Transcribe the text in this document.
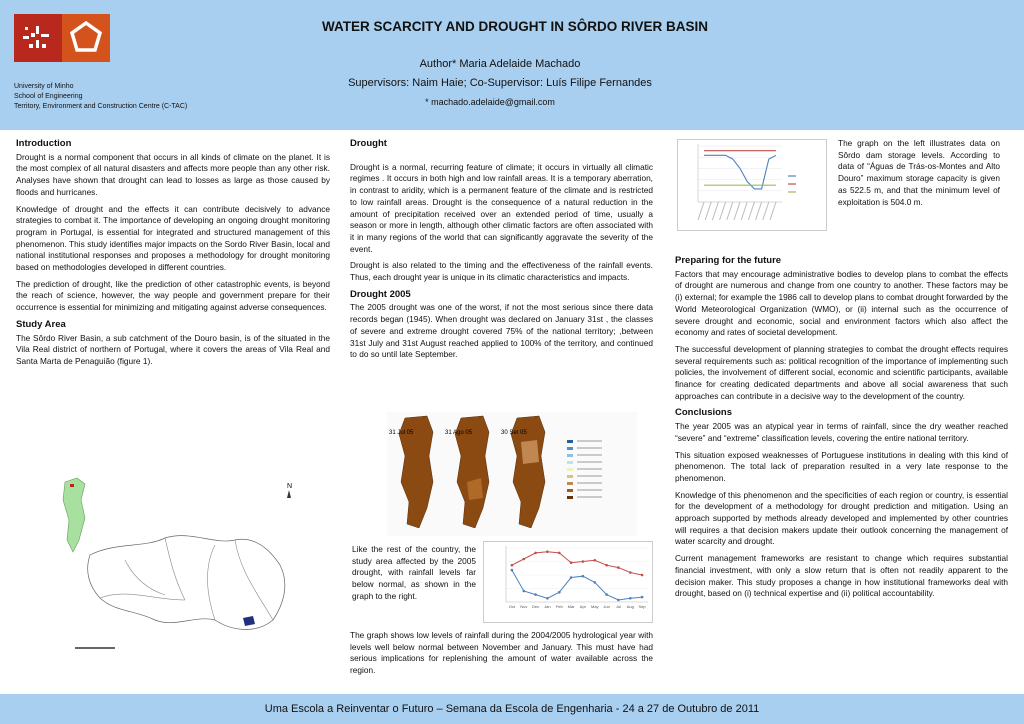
University of Minho
School of Engineering
Territory, Environment and Construction Centre (C-TAC)
WATER SCARCITY AND DROUGHT IN SÔRDO RIVER BASIN
Author* Maria Adelaide Machado
Supervisors: Naim Haie; Co-Supervisor: Luís Filipe Fernandes
* machado.adelaide@gmail.com
Introduction

Drought is a normal component that occurs in all kinds of climate on the planet. It is the most complex of all natural disasters and affects more people than any other risk. Analyses have shown that drought can lead to losses as large as those caused by floods and hurricanes.

Knowledge of drought and the effects it can contribute decisively to advance strategies to combat it. The importance of developing an ongoing drought monitoring program in Portugal, is essential for integrated and structured management of this phenomenon. This study identifies major impacts on the Sordo River Basin, local and national institutional responses and proposes a methodology for drought monitoring based on methodologies developed in different countries.

The prediction of drought, like the prediction of other catastrophic events, is beyond the reach of science, however, the way people and government prepare for their occurrence is essential for minimizing and mitigating against adverse consequences.

Study Area

The Sôrdo River Basin, a sub catchment of the Douro basin, is of the situated in the Vila Real district of northern of Portugal, where it covers the areas of Vila Real and Santa Marta de Penaguião (figure 1).

N
Drought

Drought is a normal, recurring feature of climate; it occurs in virtually all climatic regimes . It occurs in both high and low rainfall areas. It is a temporary aberration, in contrast to aridity, which is a permanent feature of the climate and is restricted to low rainfall areas. Drought is the consequence of a natural reduction in the amount of precipitation received over an extended period of time, usually a season or more in length, although other climatic factors are often associated with it in many regions of the world that can significantly aggravate the severity of the event.

Drought is also related to the timing and the effectiveness of the rainfall events. Thus, each drought year is unique in its climatic characteristics and impacts.

Drought 2005

The 2005 drought was one of the worst, if not the most serious since there data records began (1945). When drought was declared on January 31st , the classes of severe and extreme drought covered 75% of the national territory; ,between 31st July and 31st August reached applied to 100% of the territory, and continued to do so until late September.

31 Jul 05	31 Ago 05	30 Set 05
Like the rest of the country, the study area affected by the 2005 drought, with rainfall levels far below normal, as shown in the graph to the right.
Oct Nov Dec Jan Feb Mar Apr May Jun Jul Aug Sep
The graph shows low levels of rainfall during the 2004/2005 hydrological year with levels well below normal between November and January. This must have had serious implications for replenishing the amount of water available across the region.

The graph on the left illustrates data on Sôrdo dam storage levels. According to data of “Águas de Trás-os-Montes and Alto Douro” maximum storage capacity is given as 522.5 m, and that the minimum level of exploitation is 504.0 m.

Preparing for the future

Factors that may encourage administrative bodies to develop plans to combat the effects of drought are numerous and change from one country to another. These factors may be (i) external; for example the 1986 call to develop plans to combat drought forwarded by the World Meteorological Organization (WMO), or (ii) internal such as the occurrence of severe drought and economic, social and environment factors which also affect the economy and rates of societal development.

The successful development of planning strategies to combat the drought effects requires several requirements such as: political recognition of the importance of implementing such policies, the involvement of different social, economic and scientific participants, available finance for creating dedicated departments and above all social awareness that such approaches can contribute in a decisive way to the development of the country.

Conclusions

The year 2005 was an atypical year in terms of rainfall, since the dry weather reached “severe” and “extreme” classification levels, covering the entire national territory.

This situation exposed weaknesses of Portuguese institutions in dealing with this kind of phenomenon. The total lack of preparation resulted in a very late response to the phenomenon.

Knowledge of this phenomenon and the specificities of each region or country, is essential for the development of a methodology for drought prediction and mitigation. Using an approach supported by methods already developed and implemented by other countries will requires a that decision makers update their outlook concerning the management of water scarcity and drought.

Current management frameworks are resistant to change which requires substantial financial investment, with only a slow return that is often not readily apparent to the decision maker. This study proposes a change in how institutional frameworks deal with drought, based on (i) technical expertise and (ii) political accountability.

Uma Escola a Reinventar o Futuro – Semana da Escola de Engenharia - 24 a 27 de Outubro de 2011
